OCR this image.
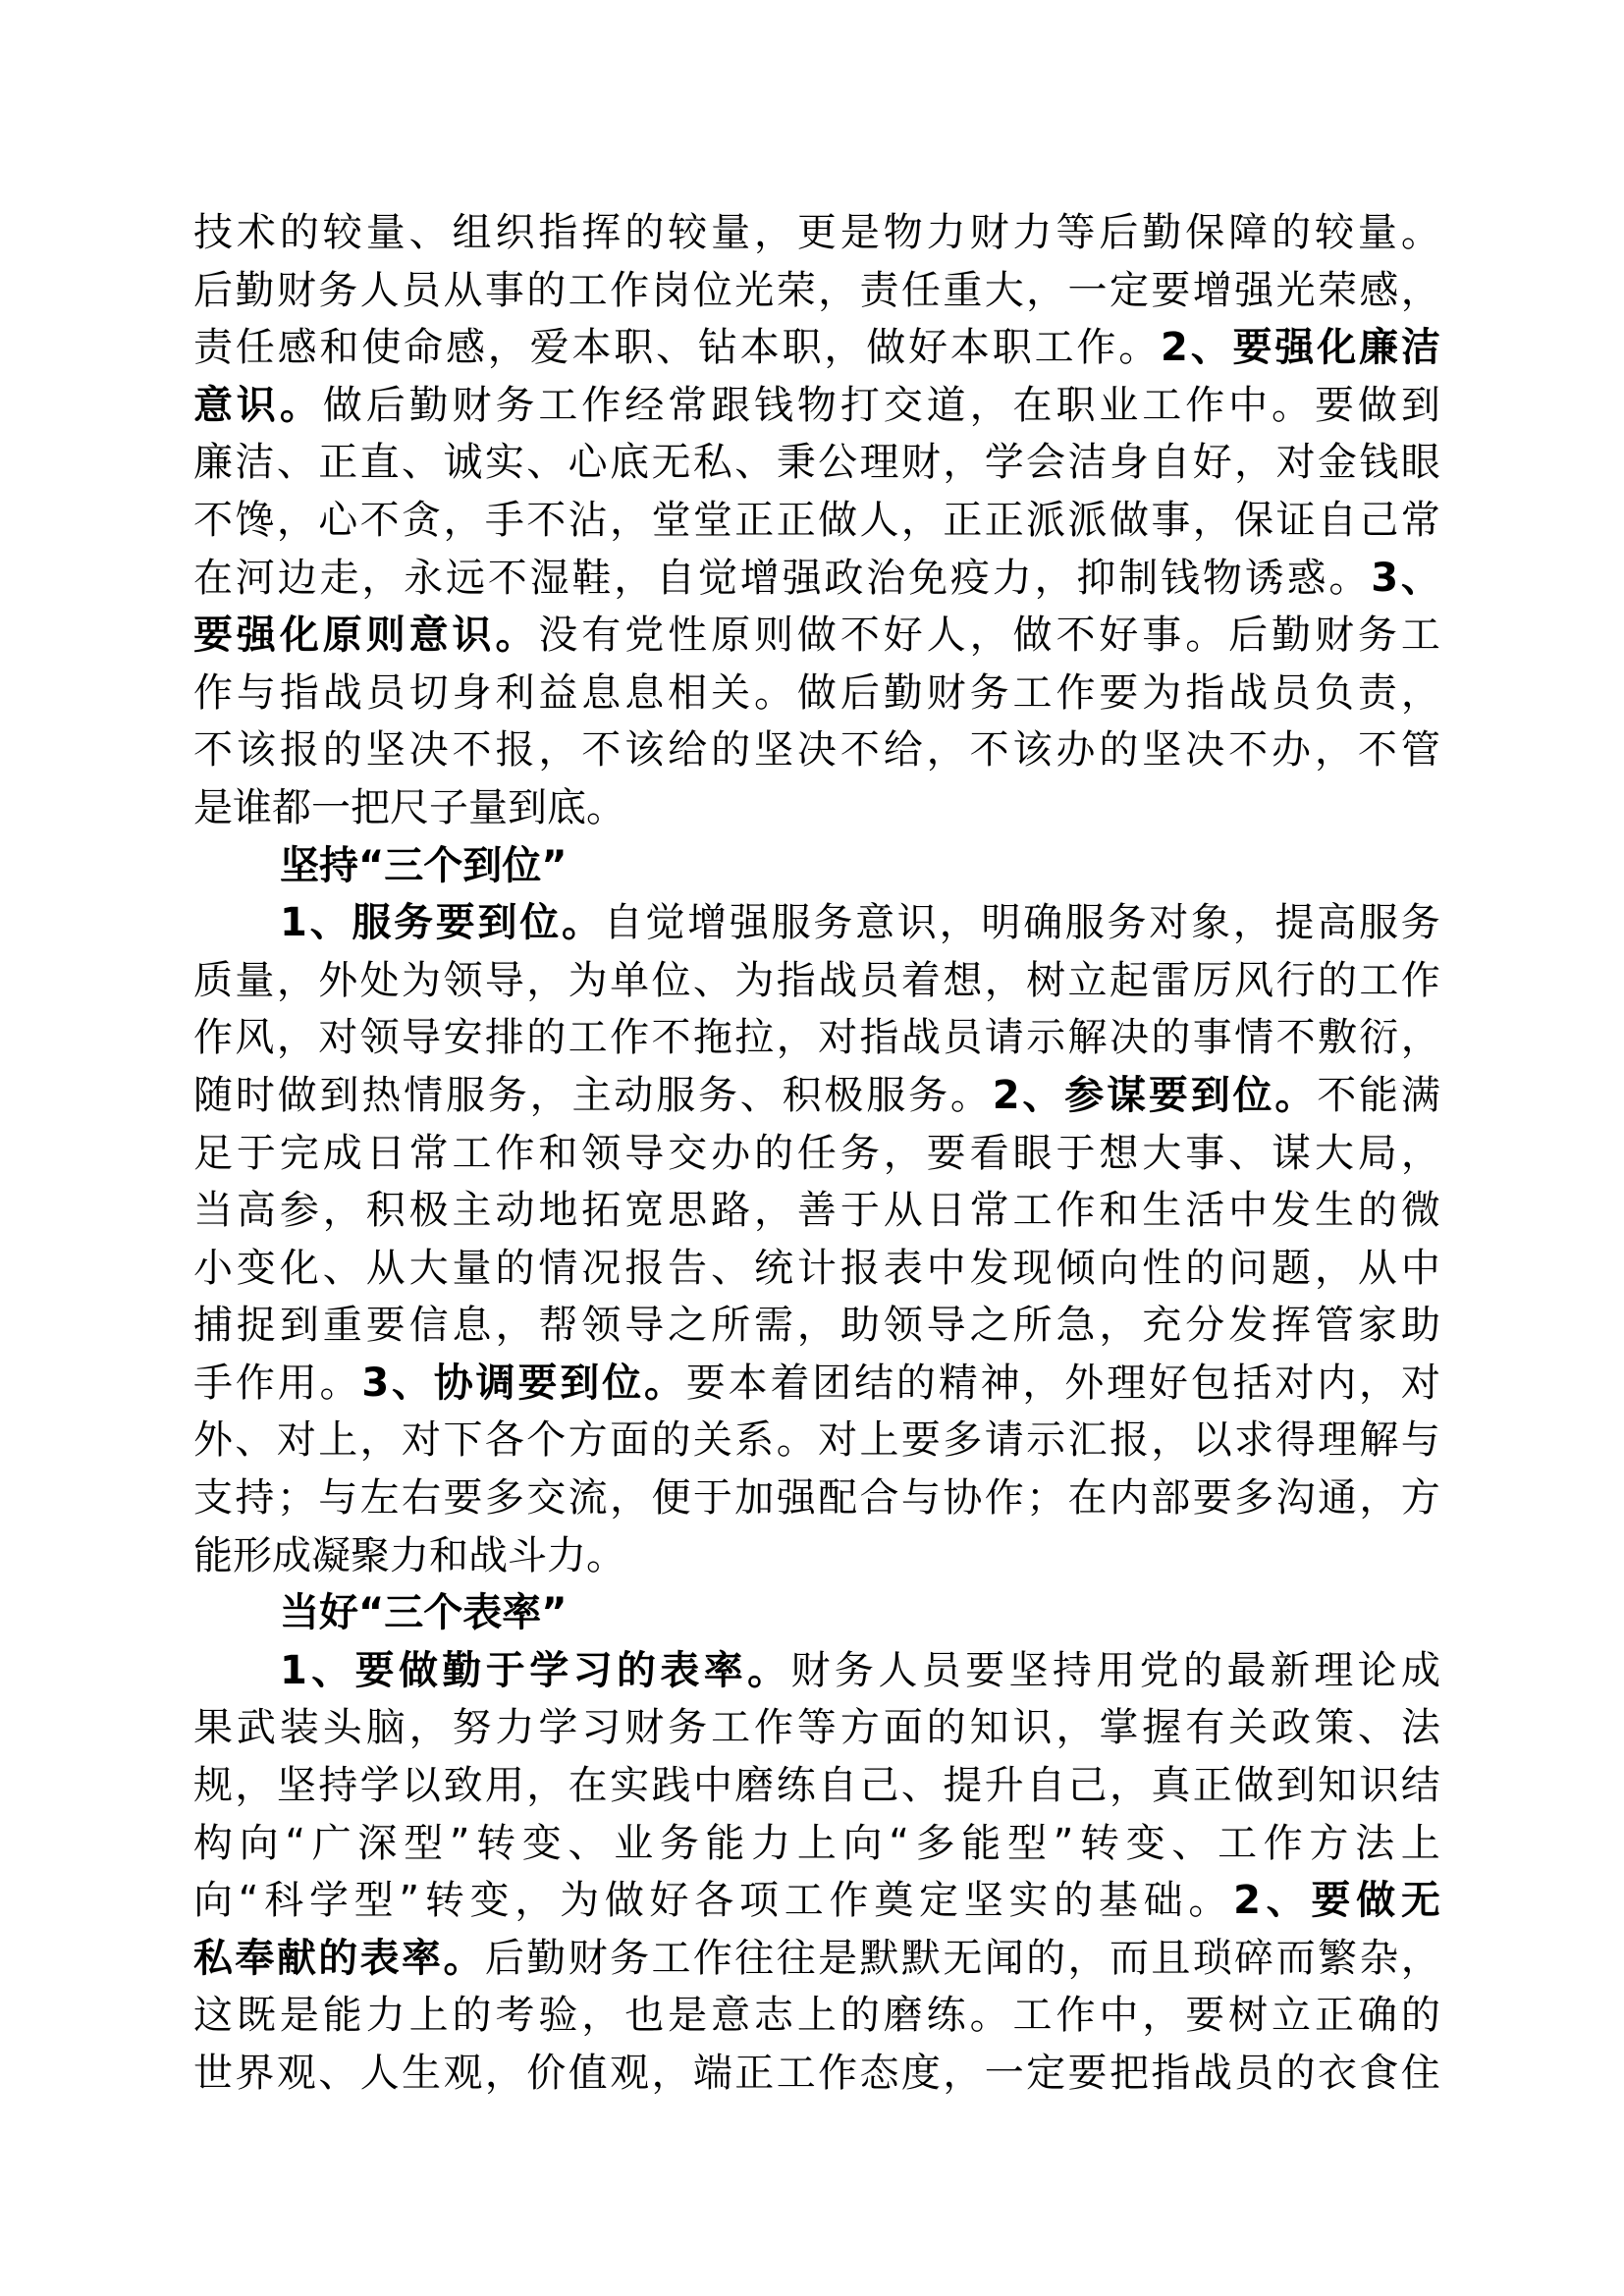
技 术 的 较 量 、 组 织 指 挥 的 较 量 ， 更 是 物 力 财 力 等 后 勤 保 障 的 较 量 。
后 勤 财 务 人 员 从 事 的 工 作 岗 位 光 荣 ， 责 任 重 大 ， 一 定 要 增 强 光 荣 感 ，
责 任 感 和 使 命 感 ， 爱 本 职 、 钻 本 职 ， 做 好 本 职 工 作 。 2 、 要 强 化 廉 洁
意 识 。 做 后 勤 财 务 工 作 经 常 跟 钱 物 打 交 道 ， 在 职 业 工 作 中 。 要 做 到
廉 洁 、 正 直 、 诚 实 、 心 底 无 私 、 秉 公 理 财 ， 学 会 洁 身 自 好 ， 对 金 钱 眼
不 馋 ， 心 不 贪 ， 手 不 沾 ， 堂 堂 正 正 做 人 ， 正 正 派 派 做 事 ， 保 证 自 己 常
在 河 边 走 ， 永 远 不 湿 鞋 ， 自 觉 增 强 政 治 免 疫 力 ， 抑 制 钱 物 诱 惑 。 3 、
要 强 化 原 则 意 识 。 没 有 党 性 原 则 做 不 好 人 ， 做 不 好 事 。 后 勤 财 务 工
作 与 指 战 员 切 身 利 益 息 息 相 关 。 做 后 勤 财 务 工 作 要 为 指 战 员 负 责 ，
不 该 报 的 坚 决 不 报 ， 不 该 给 的 坚 决 不 给 ， 不 该 办 的 坚 决 不 办 ， 不 管
是 谁 都 一 把 尺 子 量 到 底 。
坚 持 “ 三 个 到 位 ”
1 、 服 务 要 到 位 。 自 觉 增 强 服 务 意 识 ， 明 确 服 务 对 象 ， 提 高 服 务
质 量 ， 外 处 为 领 导 ， 为 单 位 、 为 指 战 员 着 想 ， 树 立 起 雷 厉 风 行 的 工 作
作 风 ， 对 领 导 安 排 的 工 作 不 拖 拉 ， 对 指 战 员 请 示 解 决 的 事 情 不 敷 衍 ，
随 时 做 到 热 情 服 务 ， 主 动 服 务 、 积 极 服 务 。 2 、 参 谋 要 到 位 。 不 能 满
足 于 完 成 日 常 工 作 和 领 导 交 办 的 任 务 ， 要 看 眼 于 想 大 事 、 谋 大 局 ，
当 高 参 ， 积 极 主 动 地 拓 宽 思 路 ， 善 于 从 日 常 工 作 和 生 活 中 发 生 的 微
小 变 化 、 从 大 量 的 情 况 报 告 、 统 计 报 表 中 发 现 倾 向 性 的 问 题 ， 从 中
捕 捉 到 重 要 信 息 ， 帮 领 导 之 所 需 ， 助 领 导 之 所 急 ， 充 分 发 挥 管 家 助
手 作 用 。 3 、 协 调 要 到 位 。 要 本 着 团 结 的 精 神 ， 外 理 好 包 括 对 内 ， 对
外 、 对 上 ， 对 下 各 个 方 面 的 关 系 。 对 上 要 多 请 示 汇 报 ， 以 求 得 理 解 与
支 持 ； 与 左 右 要 多 交 流 ， 便 于 加 强 配 合 与 协 作 ； 在 内 部 要 多 沟 通 ， 方
能 形 成 凝 聚 力 和 战 斗 力 。
当 好 “ 三 个 表 率 ”
1 、 要 做 勤 于 学 习 的 表 率 。 财 务 人 员 要 坚 持 用 党 的 最 新 理 论 成
果 武 装 头 脑 ， 努 力 学 习 财 务 工 作 等 方 面 的 知 识 ， 掌 握 有 关 政 策 、 法
规 ， 坚 持 学 以 致 用 ， 在 实 践 中 磨 练 自 己 、 提 升 自 己 ， 真 正 做 到 知 识 结
构 向 “ 广 深 型 ” 转 变 、 业 务 能 力 上 向 “ 多 能 型 ” 转 变 、 工 作 方 法 上
向 “ 科 学 型 ” 转 变 ， 为 做 好 各 项 工 作 奠 定 坚 实 的 基 础 。 2 、 要 做 无
私 奉 献 的 表 率 。 后 勤 财 务 工 作 往 往 是 默 默 无 闻 的 ， 而 且 琐 碎 而 繁 杂 ，
这 既 是 能 力 上 的 考 验 ， 也 是 意 志 上 的 磨 练 。 工 作 中 ， 要 树 立 正 确 的
世 界 观 、 人 生 观 ， 价 值 观 ， 端 正 工 作 态 度 ， 一 定 要 把 指 战 员 的 衣 食 住
